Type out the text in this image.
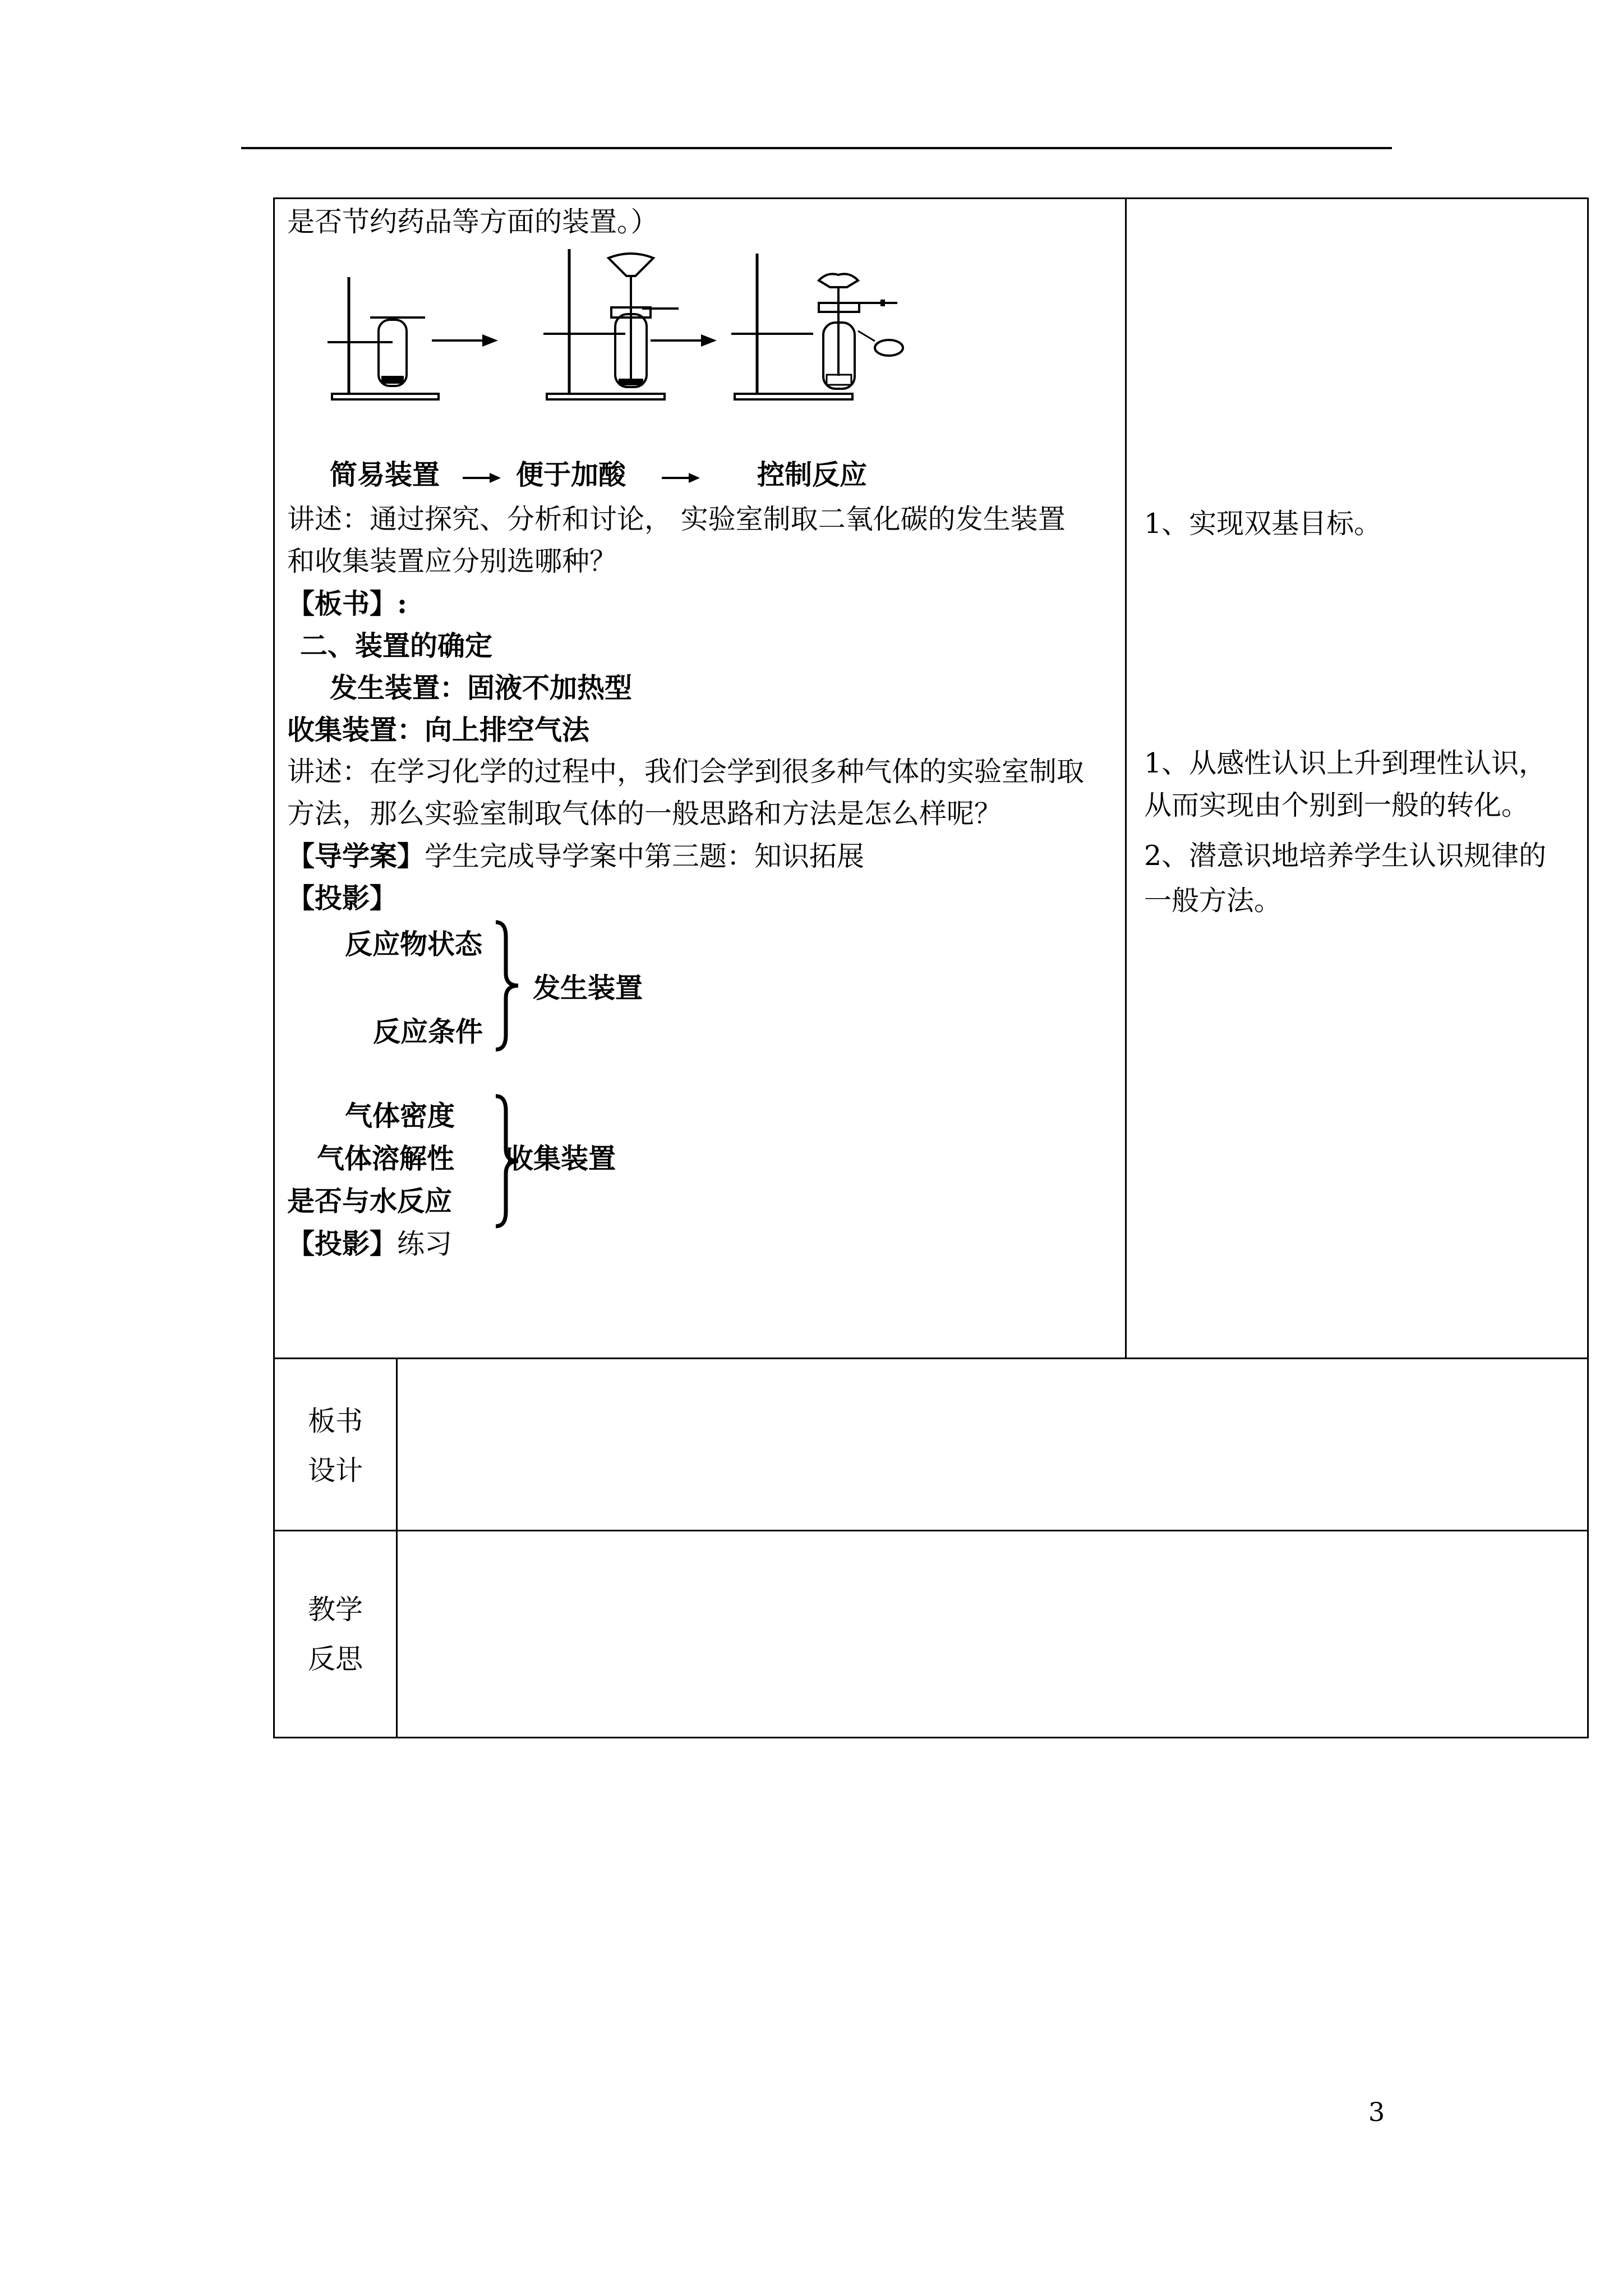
是否节约药品等方面的装置。）
简易装置	便于加酸	控制反应
讲述：通过探究、分析和讨论， 实验室制取二氧化碳的发生装置
和收集装置应分别选哪种？
【板书】:
二、装置的确定
发生装置：固液不加热型
收集装置：向上排空气法
讲述：在学习化学的过程中，我们会学到很多种气体的实验室制取
方法，那么实验室制取气体的一般思路和方法是怎么样呢？
【导学案】学生完成导学案中第三题：知识拓展
【投影】
反应物状态
反应条件
发生装置
气体密度
气体溶解性
是否与水反应
收集装置
【投影】练习
1、实现双基目标。
1、从感性认识上升到理性认识，
从而实现由个别到一般的转化。
2、潜意识地培养学生认识规律的
一般方法。
板书
设计
教学
反思
3
